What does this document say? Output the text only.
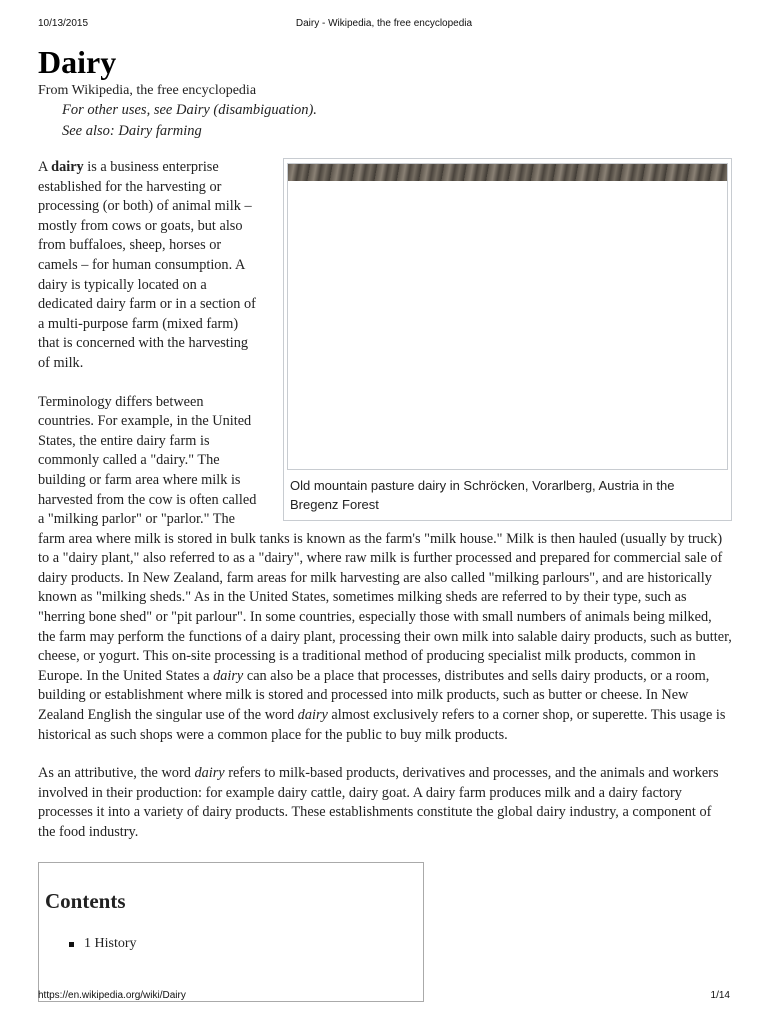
10/13/2015	Dairy - Wikipedia, the free encyclopedia
Dairy
From Wikipedia, the free encyclopedia
For other uses, see Dairy (disambiguation).
See also: Dairy farming
Old mountain pasture dairy in Schröcken, Vorarlberg, Austria in the Bregenz Forest

A dairy is a business enterprise established for the harvesting or processing (or both) of animal milk – mostly from cows or goats, but also from buffaloes, sheep, horses or camels – for human consumption. A dairy is typically located on a dedicated dairy farm or in a section of a multi-purpose farm (mixed farm) that is concerned with the harvesting of milk.

Terminology differs between countries. For example, in the United States, the entire dairy farm is commonly called a "dairy." The building or farm area where milk is harvested from the cow is often called a "milking parlor" or "parlor." The farm area where milk is stored in bulk tanks is known as the farm's "milk house." Milk is then hauled (usually by truck) to a "dairy plant," also referred to as a "dairy", where raw milk is further processed and prepared for commercial sale of dairy products. In New Zealand, farm areas for milk harvesting are also called "milking parlours", and are historically known as "milking sheds." As in the United States, sometimes milking sheds are referred to by their type, such as "herring bone shed" or "pit parlour". In some countries, especially those with small numbers of animals being milked, the farm may perform the functions of a dairy plant, processing their own milk into salable dairy products, such as butter, cheese, or yogurt. This on-site processing is a traditional method of producing specialist milk products, common in Europe. In the United States a dairy can also be a place that processes, distributes and sells dairy products, or a room, building or establishment where milk is stored and processed into milk products, such as butter or cheese. In New Zealand English the singular use of the word dairy almost exclusively refers to a corner shop, or superette. This usage is historical as such shops were a common place for the public to buy milk products.

As an attributive, the word dairy refers to milk-based products, derivatives and processes, and the animals and workers involved in their production: for example dairy cattle, dairy goat. A dairy farm produces milk and a dairy factory processes it into a variety of dairy products. These establishments constitute the global dairy industry, a component of the food industry.

Contents
1 History
https://en.wikipedia.org/wiki/Dairy	1/14
